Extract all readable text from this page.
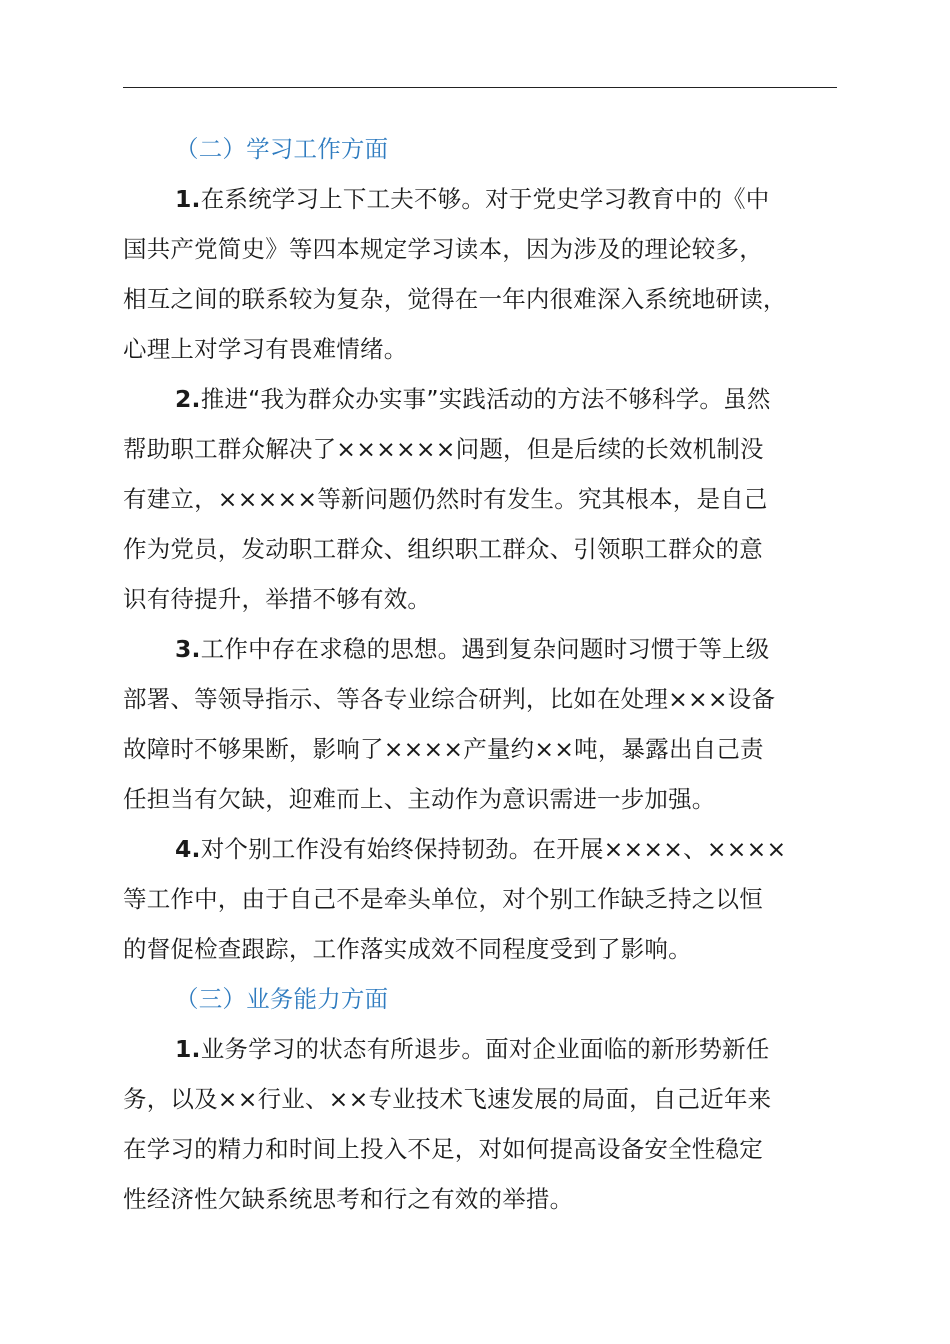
（二）学习工作方面
1.在系统学习上下工夫不够。对于党史学习教育中的《中
国共产党简史》等四本规定学习读本，因为涉及的理论较多，
相互之间的联系较为复杂，觉得在一年内很难深入系统地研读，
心理上对学习有畏难情绪。
2.推进“我为群众办实事”实践活动的方法不够科学。虽然
帮助职工群众解决了××××××问题，但是后续的长效机制没
有建立，×××××等新问题仍然时有发生。究其根本，是自己
作为党员，发动职工群众、组织职工群众、引领职工群众的意
识有待提升，举措不够有效。
3.工作中存在求稳的思想。遇到复杂问题时习惯于等上级
部署、等领导指示、等各专业综合研判，比如在处理×××设备
故障时不够果断，影响了××××产量约××吨，暴露出自己责
任担当有欠缺，迎难而上、主动作为意识需进一步加强。
4.对个别工作没有始终保持韧劲。在开展××××、××××
等工作中，由于自己不是牵头单位，对个别工作缺乏持之以恒
的督促检查跟踪，工作落实成效不同程度受到了影响。
（三）业务能力方面
1.业务学习的状态有所退步。面对企业面临的新形势新任
务，以及××行业、××专业技术飞速发展的局面，自己近年来
在学习的精力和时间上投入不足，对如何提高设备安全性稳定
性经济性欠缺系统思考和行之有效的举措。
